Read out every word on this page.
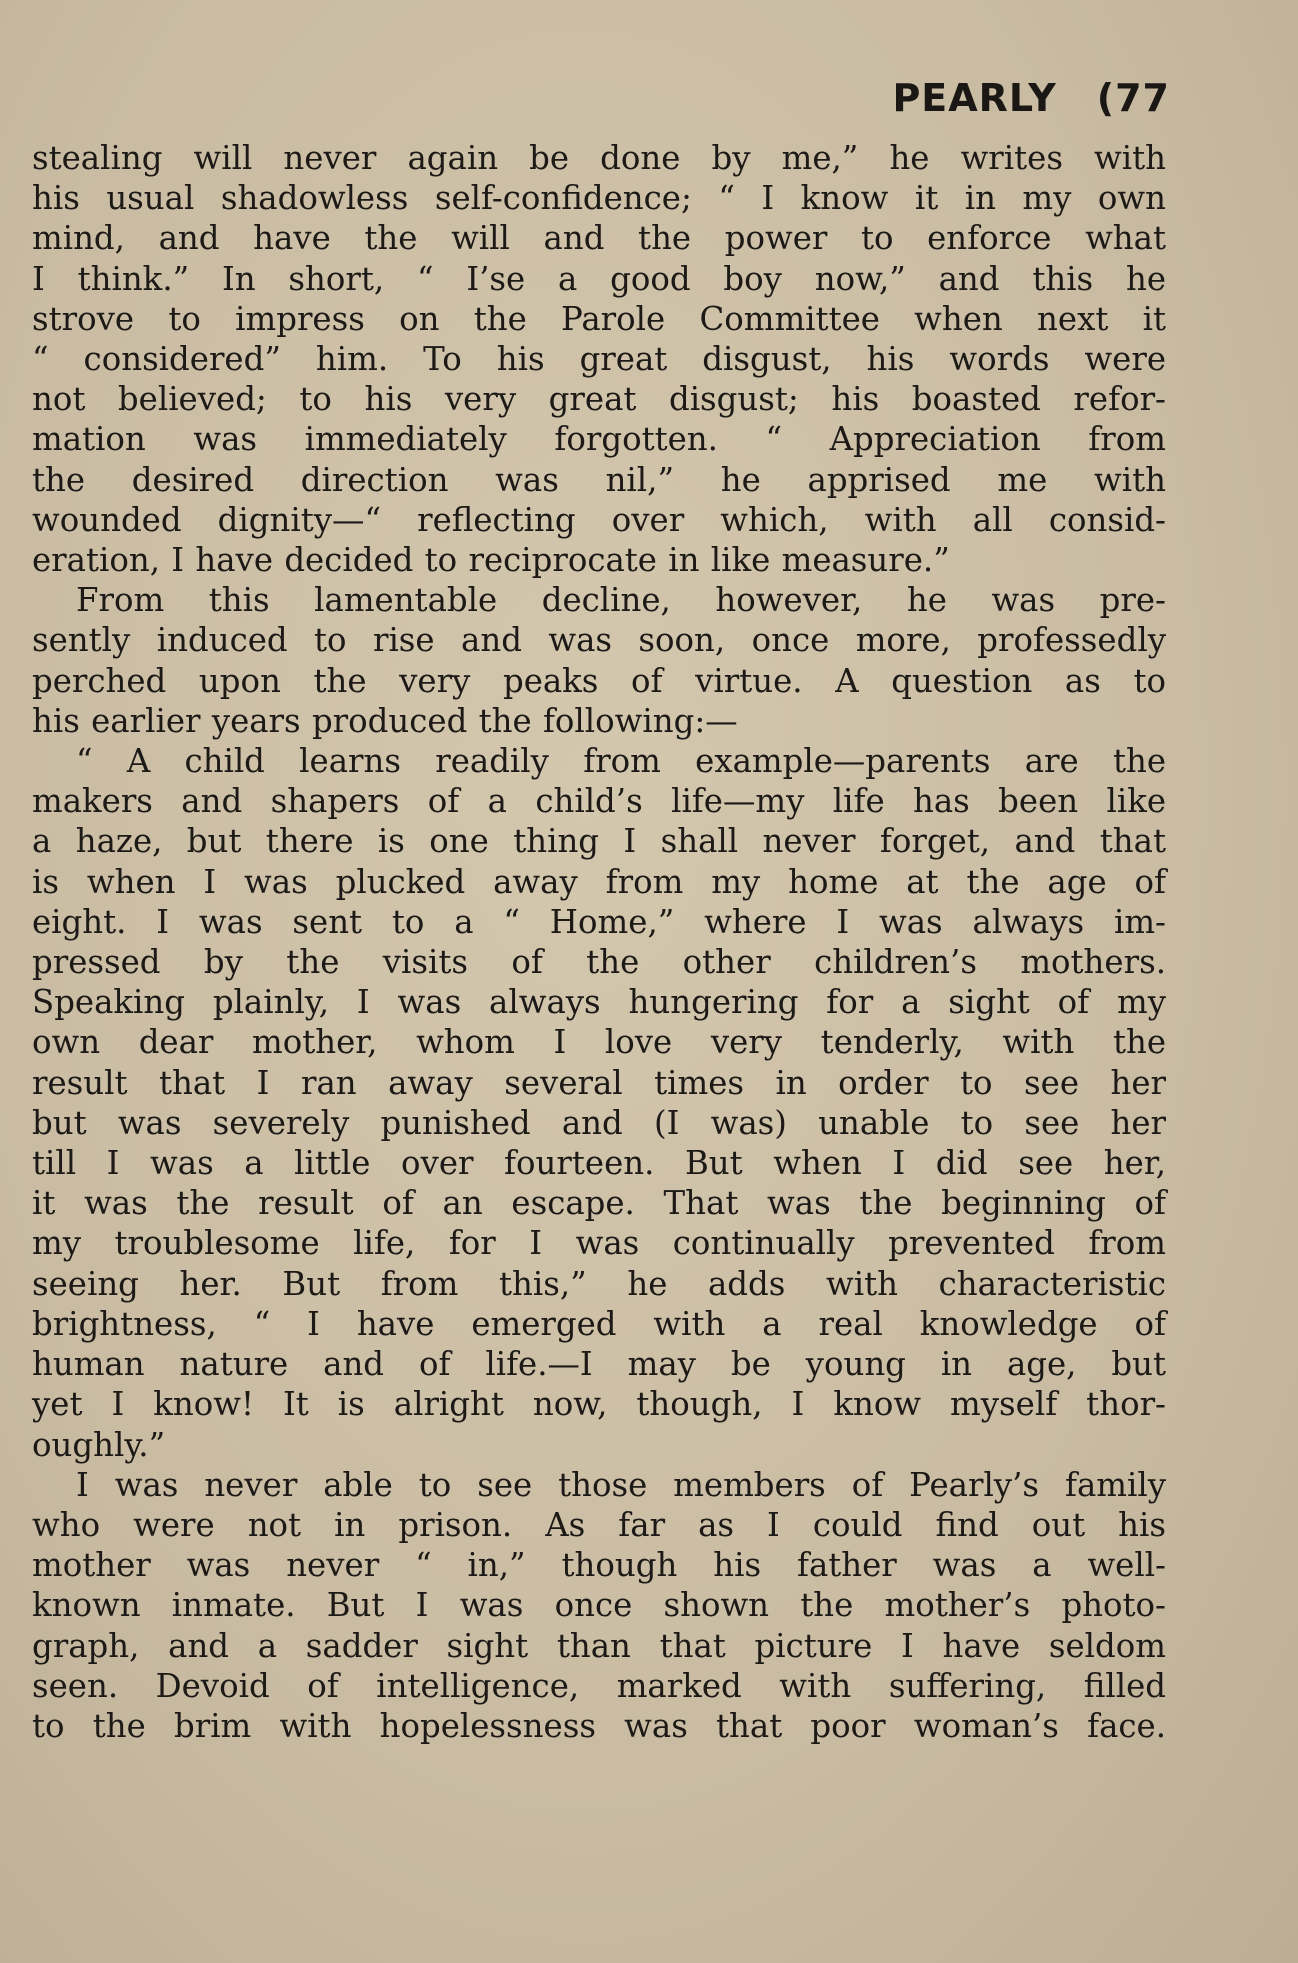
PEARLY (77
stealing will never again be done by me,” he writes with
his usual shadowless self-confidence; “ I know it in my own
mind, and have the will and the power to enforce what
I think.” In short, “ I’se a good boy now,” and this he
strove to impress on the Parole Committee when next it
“ considered” him. To his great disgust, his words were
not believed; to his very great disgust; his boasted refor-
mation was immediately forgotten. “ Appreciation from
the desired direction was nil,” he apprised me with
wounded dignity—“ reflecting over which, with all consid-
eration, I have decided to reciprocate in like measure.”
From this lamentable decline, however, he was pre-
sently induced to rise and was soon, once more, professedly
perched upon the very peaks of virtue. A question as to
his earlier years produced the following:—
“ A child learns readily from example—parents are the
makers and shapers of a child’s life—my life has been like
a haze, but there is one thing I shall never forget, and that
is when I was plucked away from my home at the age of
eight. I was sent to a “ Home,” where I was always im-
pressed by the visits of the other children’s mothers.
Speaking plainly, I was always hungering for a sight of my
own dear mother, whom I love very tenderly, with the
result that I ran away several times in order to see her
but was severely punished and (I was) unable to see her
till I was a little over fourteen. But when I did see her,
it was the result of an escape. That was the beginning of
my troublesome life, for I was continually prevented from
seeing her. But from this,” he adds with characteristic
brightness, “ I have emerged with a real knowledge of
human nature and of life.—I may be young in age, but
yet I know! It is alright now, though, I know myself thor-
oughly.”
I was never able to see those members of Pearly’s family
who were not in prison. As far as I could find out his
mother was never “ in,” though his father was a well-
known inmate. But I was once shown the mother’s photo-
graph, and a sadder sight than that picture I have seldom
seen. Devoid of intelligence, marked with suffering, filled
to the brim with hopelessness was that poor woman’s face.
